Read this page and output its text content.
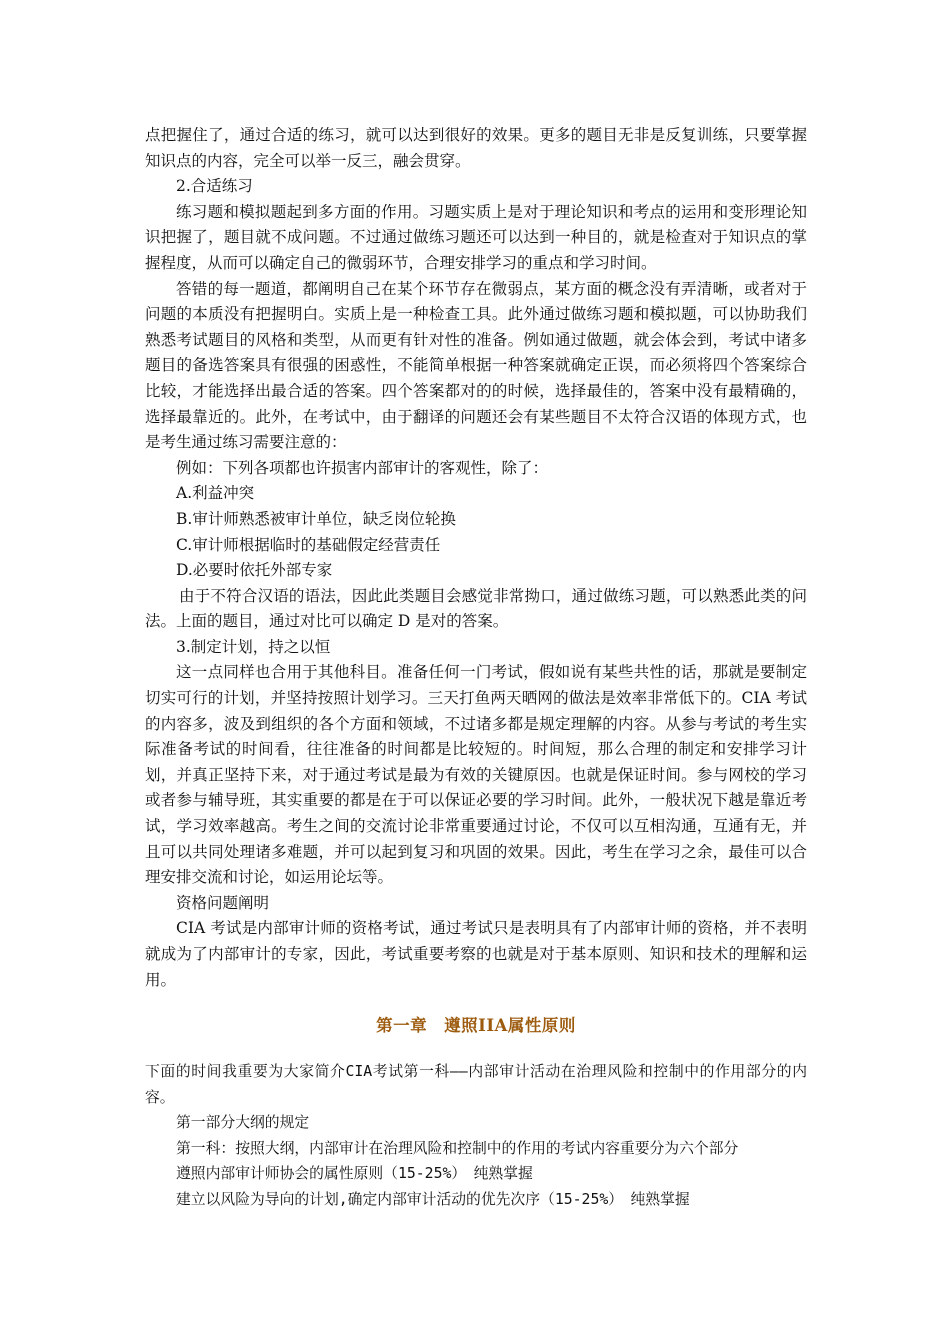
点把握住了，通过合适的练习，就可以达到很好的效果。更多的题目无非是反复训练，只要掌握知识点的内容，完全可以举一反三，融会贯穿。

2.合适练习

练习题和模拟题起到多方面的作用。习题实质上是对于理论知识和考点的运用和变形理论知识把握了，题目就不成问题。不过通过做练习题还可以达到一种目的，就是检查对于知识点的掌握程度，从而可以确定自己的微弱环节，合理安排学习的重点和学习时间。

答错的每一题道，都阐明自己在某个环节存在微弱点，某方面的概念没有弄清晰，或者对于问题的本质没有把握明白。实质上是一种检查工具。此外通过做练习题和模拟题，可以协助我们熟悉考试题目的风格和类型，从而更有针对性的准备。例如通过做题，就会体会到，考试中诸多题目的备选答案具有很强的困惑性，不能简单根据一种答案就确定正误，而必须将四个答案综合比较，才能选择出最合适的答案。四个答案都对的的时候，选择最佳的，答案中没有最精确的，选择最靠近的。此外，在考试中，由于翻译的问题还会有某些题目不太符合汉语的体现方式，也是考生通过练习需要注意的：

例如：下列各项都也许损害内部审计的客观性，除了：

A.利益冲突

B.审计师熟悉被审计单位，缺乏岗位轮换

C.审计师根据临时的基础假定经营责任

D.必要时依托外部专家

由于不符合汉语的语法，因此此类题目会感觉非常拗口，通过做练习题，可以熟悉此类的问法。上面的题目，通过对比可以确定 D 是对的答案。

3.制定计划，持之以恒

这一点同样也合用于其他科目。准备任何一门考试，假如说有某些共性的话，那就是要制定切实可行的计划，并坚持按照计划学习。三天打鱼两天晒网的做法是效率非常低下的。CIA 考试的内容多，波及到组织的各个方面和领域，不过诸多都是规定理解的内容。从参与考试的考生实际准备考试的时间看，往往准备的时间都是比较短的。时间短，那么合理的制定和安排学习计划，并真正坚持下来，对于通过考试是最为有效的关键原因。也就是保证时间。参与网校的学习或者参与辅导班，其实重要的都是在于可以保证必要的学习时间。此外，一般状况下越是靠近考试，学习效率越高。考生之间的交流讨论非常重要通过讨论，不仅可以互相沟通，互通有无，并且可以共同处理诸多难题，并可以起到复习和巩固的效果。因此，考生在学习之余，最佳可以合理安排交流和讨论，如运用论坛等。

资格问题阐明

CIA 考试是内部审计师的资格考试，通过考试只是表明具有了内部审计师的资格，并不表明就成为了内部审计的专家，因此，考试重要考察的也就是对于基本原则、知识和技术的理解和运用。

第一章　遵照IIA属性原则

下面的时间我重要为大家简介CIA考试第一科——内部审计活动在治理风险和控制中的作用部分的内容。

第一部分大纲的规定

第一科：按照大纲，内部审计在治理风险和控制中的作用的考试内容重要分为六个部分

遵照内部审计师协会的属性原则（15-25%）　纯熟掌握

建立以风险为导向的计划,确定内部审计活动的优先次序（15-25%）　纯熟掌握
